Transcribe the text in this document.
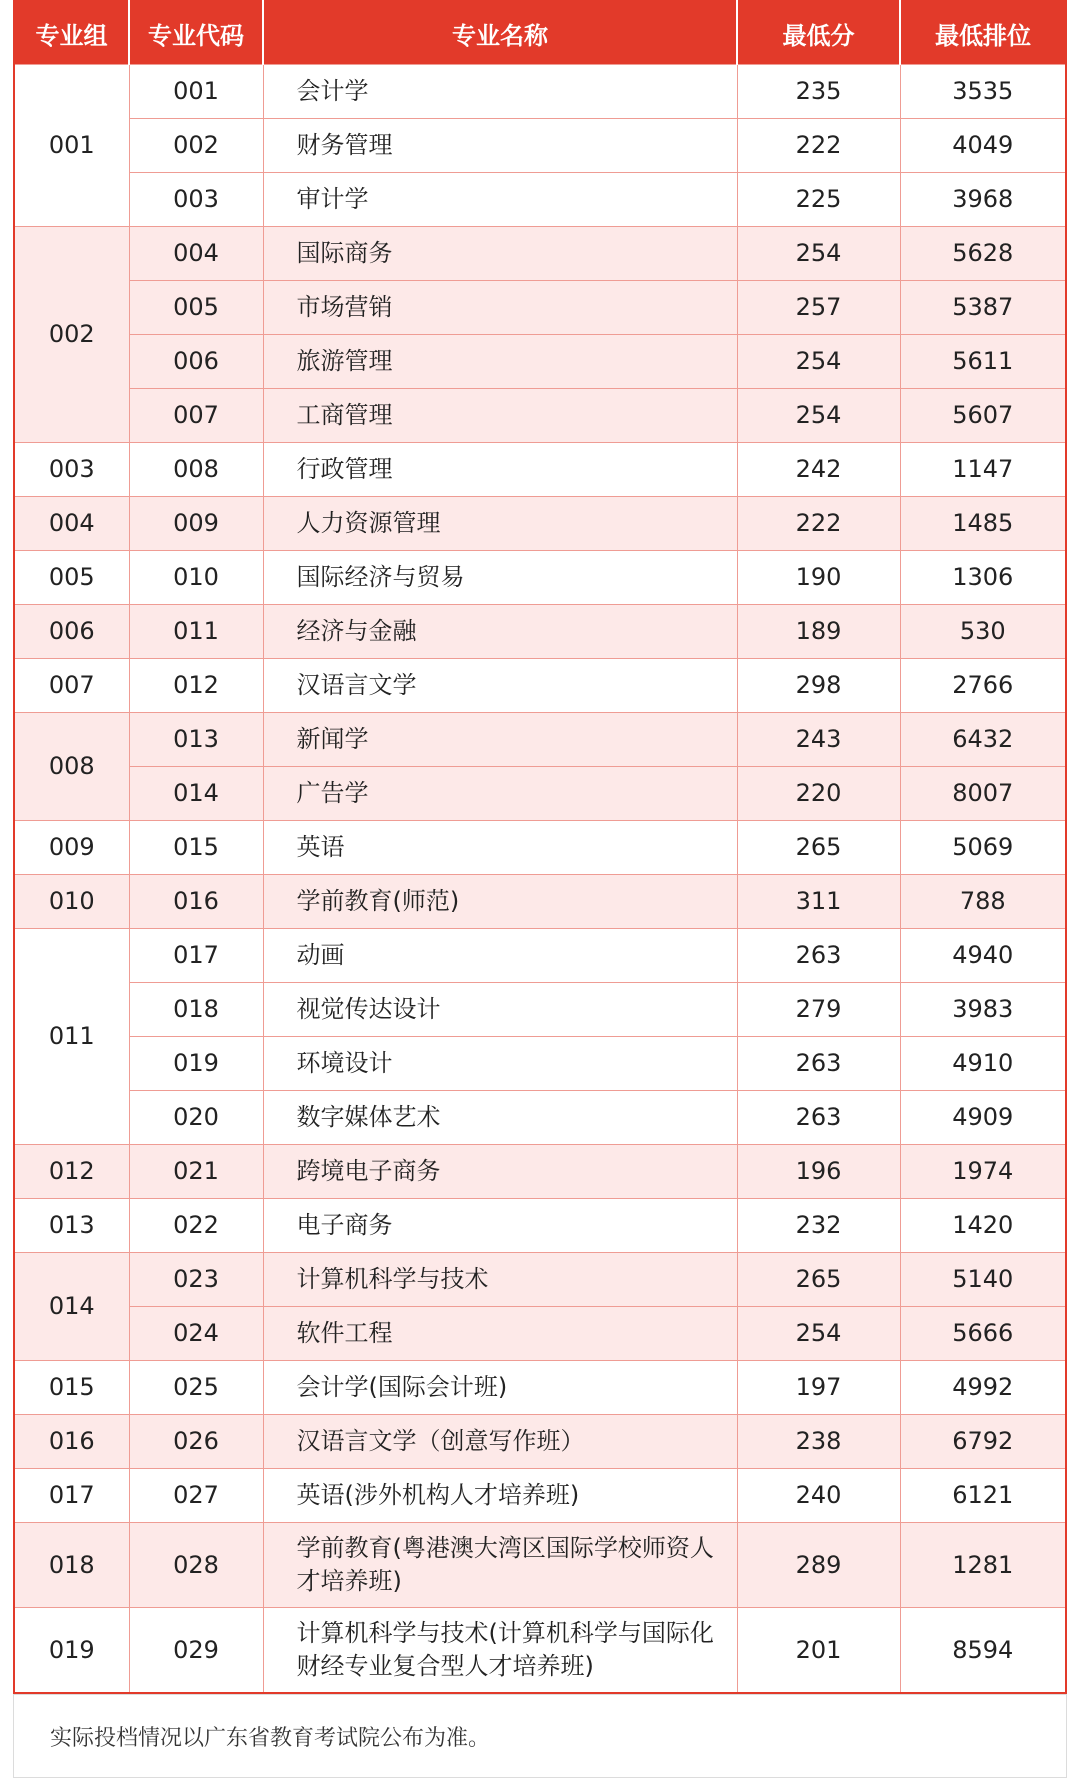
专业组	专业代码	专业名称	最低分	最低排位
001	001	会计学	235	3535
	002	财务管理	222	4049
	003	审计学	225	3968
002	004	国际商务	254	5628
	005	市场营销	257	5387
	006	旅游管理	254	5611
	007	工商管理	254	5607
003	008	行政管理	242	1147
004	009	人力资源管理	222	1485
005	010	国际经济与贸易	190	1306
006	011	经济与金融	189	530
007	012	汉语言文学	298	2766
008	013	新闻学	243	6432
	014	广告学	220	8007
009	015	英语	265	5069
010	016	学前教育(师范)	311	788
011	017	动画	263	4940
	018	视觉传达设计	279	3983
	019	环境设计	263	4910
	020	数字媒体艺术	263	4909
012	021	跨境电子商务	196	1974
013	022	电子商务	232	1420
014	023	计算机科学与技术	265	5140
	024	软件工程	254	5666
015	025	会计学(国际会计班)	197	4992
016	026	汉语言文学（创意写作班）	238	6792
017	027	英语(涉外机构人才培养班)	240	6121
018	028	学前教育(粤港澳大湾区国际学校师资人才培养班)	289	1281
019	029	计算机科学与技术(计算机科学与国际化财经专业复合型人才培养班)	201	8594
实际投档情况以广东省教育考试院公布为准。
